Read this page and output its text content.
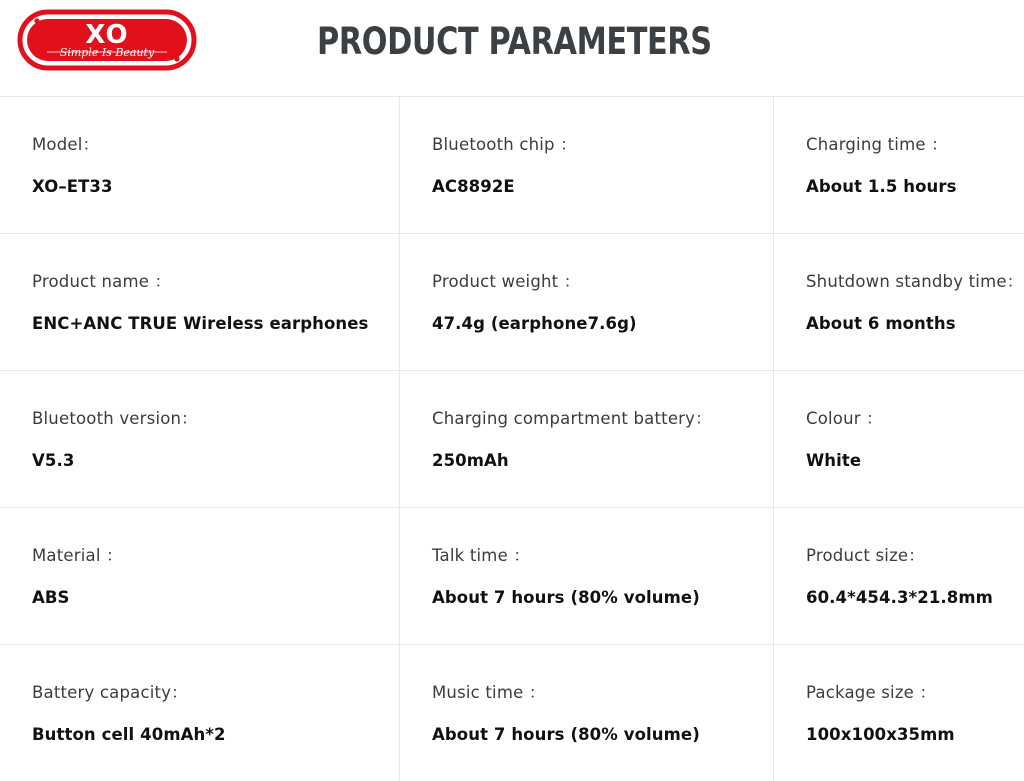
XO
Simple Is Beauty	PRODUCT PARAMETERS
Model：
XO–ET33
Bluetooth chip ：
AC8892E
Charging time ：
About 1.5 hours
Product name ：
ENC+ANC TRUE Wireless earphones
Product weight ：
47.4g (earphone7.6g)
Shutdown standby time：
About 6 months
Bluetooth version：
V5.3
Charging compartment battery：
250mAh
Colour ：
White
Material ：
ABS
Talk time ：
About 7 hours (80% volume)
Product size：
60.4*454.3*21.8mm
Battery capacity：
Button cell 40mAh*2
Music time ：
About 7 hours (80% volume)
Package size ：
100x100x35mm
